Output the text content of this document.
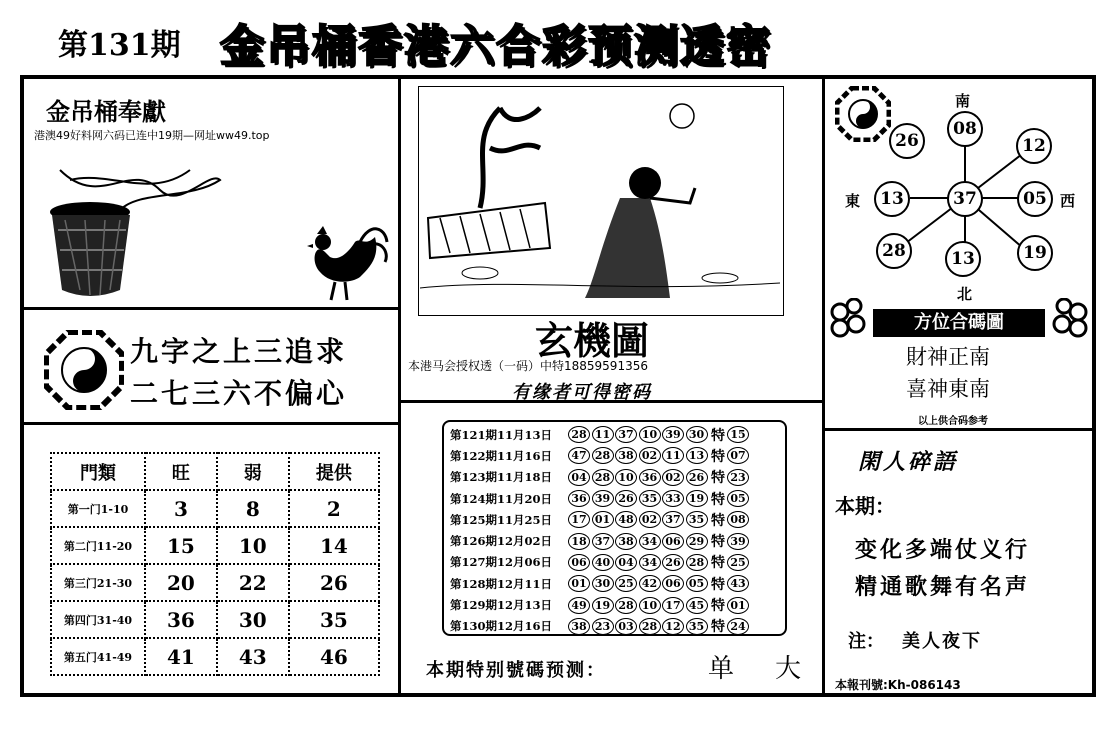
第131期 金吊桶香港六合彩预测透密
金吊桶奉獻
港澳49好料网六码已连中19期—网址ww49.top
九字之上三追求
二七三六不偏心
門類	旺	弱	提供
第一门1-10	3	8	2
第二门11-20	15	10	14
第三门21-30	20	22	26
第四门31-40	36	30	35
第五门41-49	41	43	46
玄機圖
本港马会授权透（一码）中特18859591356
有缘者可得密码
第121期11月13日	28 11 37 10 39 30 特 15
第122期11月16日	47 28 38 02 11 13 特 07
第123期11月18日	04 28 10 36 02 26 特 23
第124期11月20日	36 39 26 35 33 19 特 05
第125期11月25日	17 01 48 02 37 35 特 08
第126期12月02日	18 37 38 34 06 29 特 39
第127期12月06日	06 40 04 34 26 28 特 25
第128期12月11日	01 30 25 42 06 05 特 43
第129期12月13日	49 19 28 10 17 45 特 01
第130期12月16日	38 23 03 28 12 35 特 24
本期特别號碼预测：	单 大
南
北
東	西
08
26	12
13	37	05
28	13	19
方位合碼圖
財神正南
喜神東南
以上供合码参考
閑人碎語
本期：
变化多端仗义行
精通歌舞有名声
注： 美人夜下
本報刊號:Kh-086143
